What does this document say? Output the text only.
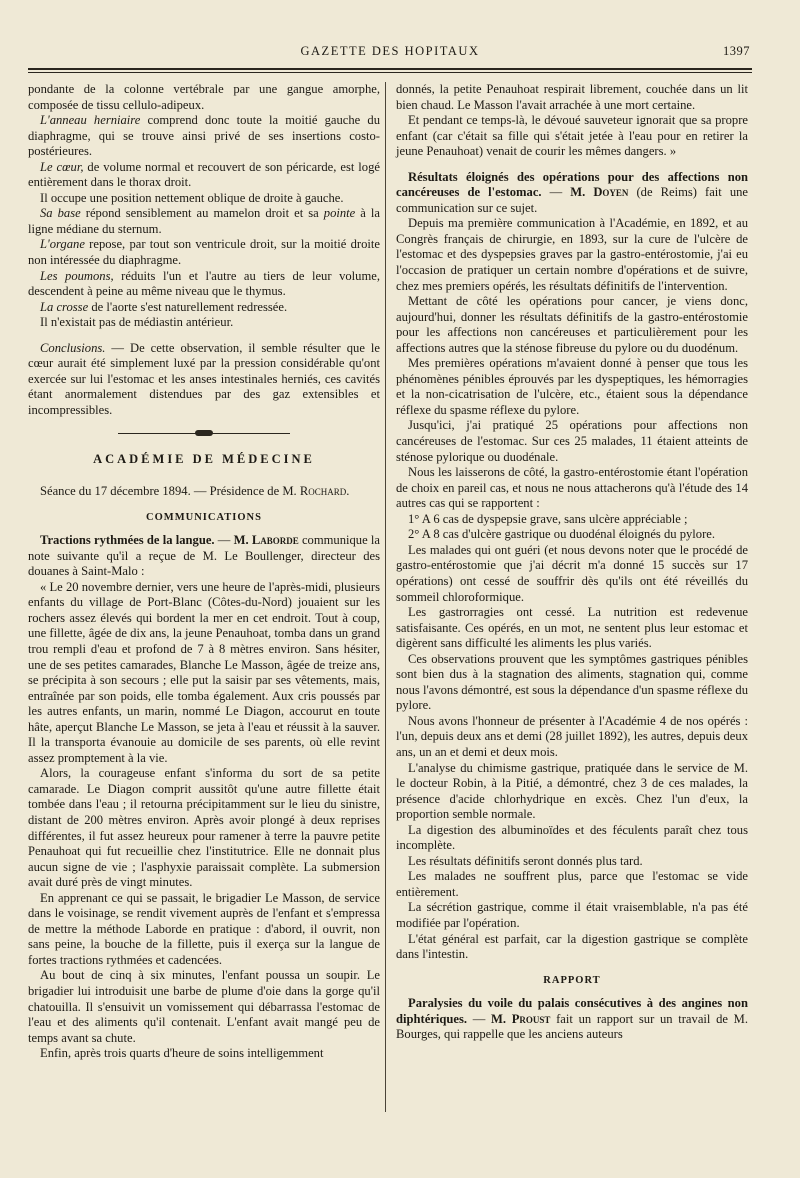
GAZETTE DES HOPITAUX	1397

pondante de la colonne vertébrale par une gangue amorphe, composée de tissu cellulo-adipeux.

L'anneau herniaire comprend donc toute la moitié gauche du diaphragme, qui se trouve ainsi privé de ses insertions costo-postérieures.

Le cœur, de volume normal et recouvert de son péricarde, est logé entièrement dans le thorax droit.

Il occupe une position nettement oblique de droite à gauche.

Sa base répond sensiblement au mamelon droit et sa pointe à la ligne médiane du sternum.

L'organe repose, par tout son ventricule droit, sur la moitié droite non intéressée du diaphragme.

Les poumons, réduits l'un et l'autre au tiers de leur volume, descendent à peine au même niveau que le thymus.

La crosse de l'aorte s'est naturellement redressée.

Il n'existait pas de médiastin antérieur.

Conclusions. — De cette observation, il semble résulter que le cœur aurait été simplement luxé par la pression considérable qu'ont exercée sur lui l'estomac et les anses intestinales herniés, ces cavités étant anormalement distendues par des gaz extensibles et incompressibles.

ACADÉMIE DE MÉDECINE

Séance du 17 décembre 1894. — Présidence de M. Rochard.

COMMUNICATIONS

Tractions rythmées de la langue. — M. Laborde communique la note suivante qu'il a reçue de M. Le Boullenger, directeur des douanes à Saint-Malo :

« Le 20 novembre dernier, vers une heure de l'après-midi, plusieurs enfants du village de Port-Blanc (Côtes-du-Nord) jouaient sur les rochers assez élevés qui bordent la mer en cet endroit. Tout à coup, une fillette, âgée de dix ans, la jeune Penauhoat, tomba dans un grand trou rempli d'eau et profond de 7 à 8 mètres environ. Sans hésiter, une de ses petites camarades, Blanche Le Masson, âgée de treize ans, se précipita à son secours ; elle put la saisir par ses vêtements, mais, entraînée par son poids, elle tomba également. Aux cris poussés par les autres enfants, un marin, nommé Le Diagon, accourut en toute hâte, aperçut Blanche Le Masson, se jeta à l'eau et réussit à la sauver. Il la transporta évanouie au domicile de ses parents, où elle revint assez promptement à la vie.

Alors, la courageuse enfant s'informa du sort de sa petite camarade. Le Diagon comprit aussitôt qu'une autre fillette était tombée dans l'eau ; il retourna précipitamment sur le lieu du sinistre, distant de 200 mètres environ. Après avoir plongé à deux reprises différentes, il fut assez heureux pour ramener à terre la pauvre petite Penauhoat qui fut recueillie chez l'institutrice. Elle ne donnait plus aucun signe de vie ; l'asphyxie paraissait complète. La submersion avait duré près de vingt minutes.

En apprenant ce qui se passait, le brigadier Le Masson, de service dans le voisinage, se rendit vivement auprès de l'enfant et s'empressa de mettre la méthode Laborde en pratique : d'abord, il ouvrit, non sans peine, la bouche de la fillette, puis il exerça sur la langue de fortes tractions rythmées et cadencées.

Au bout de cinq à six minutes, l'enfant poussa un soupir. Le brigadier lui introduisit une barbe de plume d'oie dans la gorge qu'il chatouilla. Il s'ensuivit un vomissement qui débarrassa l'estomac de l'eau et des aliments qu'il contenait. L'enfant avait mangé peu de temps avant sa chute.

Enfin, après trois quarts d'heure de soins intelligemment

donnés, la petite Penauhoat respirait librement, couchée dans un lit bien chaud. Le Masson l'avait arrachée à une mort certaine.

Et pendant ce temps-là, le dévoué sauveteur ignorait que sa propre enfant (car c'était sa fille qui s'était jetée à l'eau pour en retirer la jeune Penauhoat) venait de courir les mêmes dangers. »

Résultats éloignés des opérations pour des affections non cancéreuses de l'estomac. — M. Doyen (de Reims) fait une communication sur ce sujet.

Depuis ma première communication à l'Académie, en 1892, et au Congrès français de chirurgie, en 1893, sur la cure de l'ulcère de l'estomac et des dyspepsies graves par la gastro-entérostomie, j'ai eu l'occasion de pratiquer un certain nombre d'opérations et de suivre, chez mes premiers opérés, les résultats définitifs de l'intervention.

Mettant de côté les opérations pour cancer, je viens donc, aujourd'hui, donner les résultats définitifs de la gastro-entérostomie pour les affections non cancéreuses et particulièrement pour les affections autres que la sténose fibreuse du pylore ou du duodénum.

Mes premières opérations m'avaient donné à penser que tous les phénomènes pénibles éprouvés par les dyspeptiques, les hémorragies et la non-cicatrisation de l'ulcère, etc., étaient sous la dépendance réflexe du spasme réflexe du pylore.

Jusqu'ici, j'ai pratiqué 25 opérations pour affections non cancéreuses de l'estomac. Sur ces 25 malades, 11 étaient atteints de sténose pylorique ou duodénale.

Nous les laisserons de côté, la gastro-entérostomie étant l'opération de choix en pareil cas, et nous ne nous attacherons qu'à l'étude des 14 autres cas qui se rapportent :

1° A 6 cas de dyspepsie grave, sans ulcère appréciable ;

2° A 8 cas d'ulcère gastrique ou duodénal éloignés du pylore.

Les malades qui ont guéri (et nous devons noter que le procédé de gastro-entérostomie que j'ai décrit m'a donné 15 succès sur 17 opérations) ont cessé de souffrir dès qu'ils ont été réveillés du sommeil chloroformique.

Les gastrorragies ont cessé. La nutrition est redevenue satisfaisante. Ces opérés, en un mot, ne sentent plus leur estomac et digèrent sans difficulté les aliments les plus variés.

Ces observations prouvent que les symptômes gastriques pénibles sont bien dus à la stagnation des aliments, stagnation qui, comme nous l'avons démontré, est sous la dépendance d'un spasme réflexe du pylore.

Nous avons l'honneur de présenter à l'Académie 4 de nos opérés : l'un, depuis deux ans et demi (28 juillet 1892), les autres, depuis deux ans, un an et demi et deux mois.

L'analyse du chimisme gastrique, pratiquée dans le service de M. le docteur Robin, à la Pitié, a démontré, chez 3 de ces malades, la présence d'acide chlorhydrique en excès. Chez l'un d'eux, la proportion semble normale.

La digestion des albuminoïdes et des féculents paraît chez tous incomplète.

Les résultats définitifs seront donnés plus tard.

Les malades ne souffrent plus, parce que l'estomac se vide entièrement.

La sécrétion gastrique, comme il était vraisemblable, n'a pas été modifiée par l'opération.

L'état général est parfait, car la digestion gastrique se complète dans l'intestin.

RAPPORT

Paralysies du voile du palais consécutives à des angines non diphtériques. — M. Proust fait un rapport sur un travail de M. Bourges, qui rappelle que les anciens auteurs
